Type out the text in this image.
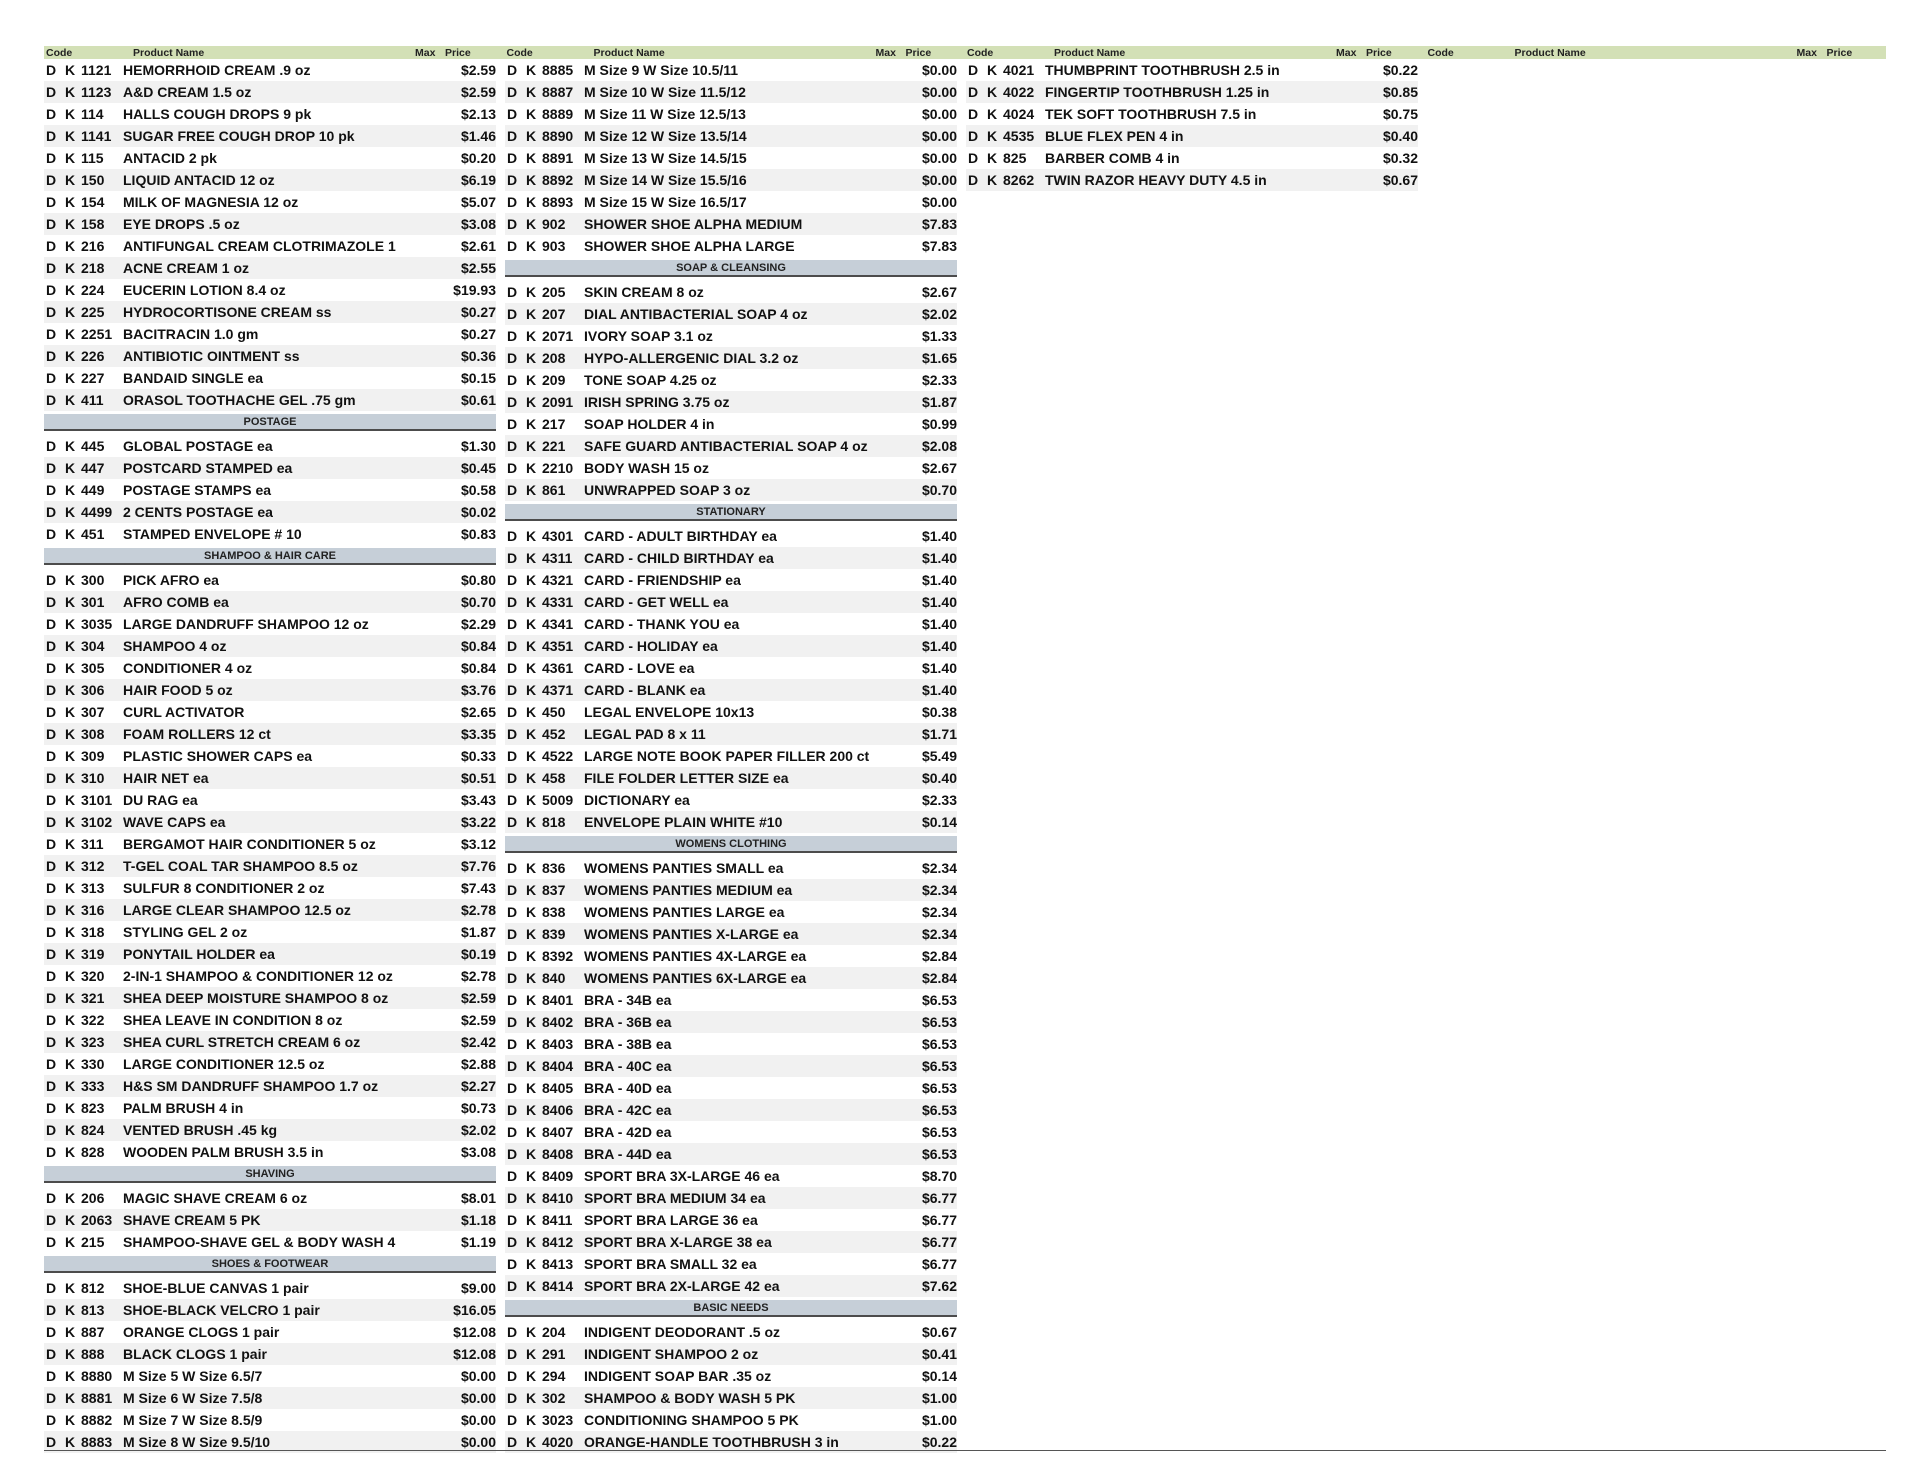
Code	Product Name	Max Price	Code	Product Name	Max Price	Code	Product Name	Max Price	Code	Product Name	Max Price
D K 1121 HEMORRHOID CREAM .9 oz	$2.59
D K 1123 A&D CREAM 1.5 oz	$2.59
D K 114	HALLS COUGH DROPS 9 pk	$2.13
D K 1141 SUGAR FREE COUGH DROP 10 pk	$1.46
D K 115	ANTACID 2 pk	$0.20
D K 150	LIQUID ANTACID 12 oz	$6.19
D K 154	MILK OF MAGNESIA 12 oz	$5.07
D K 158	EYE DROPS .5 oz	$3.08
D K 216	ANTIFUNGAL CREAM CLOTRIMAZOLE 1	$2.61
D K 218	ACNE CREAM 1 oz	$2.55
D K 224	EUCERIN LOTION 8.4 oz	$19.93
D K 225	HYDROCORTISONE CREAM ss	$0.27
D K 2251 BACITRACIN 1.0 gm	$0.27
D K 226	ANTIBIOTIC OINTMENT ss	$0.36
D K 227	BANDAID SINGLE ea	$0.15
D K 411	ORASOL TOOTHACHE GEL .75 gm	$0.61
POSTAGE
D K 445	GLOBAL POSTAGE ea	$1.30
D K 447	POSTCARD STAMPED ea	$0.45
D K 449	POSTAGE STAMPS ea	$0.58
D K 4499 2 CENTS POSTAGE ea	$0.02
D K 451	STAMPED ENVELOPE # 10	$0.83
SHAMPOO & HAIR CARE
D K 300	PICK AFRO ea	$0.80
D K 301	AFRO COMB ea	$0.70
D K 3035 LARGE DANDRUFF SHAMPOO 12 oz	$2.29
D K 304	SHAMPOO 4 oz	$0.84
D K 305	CONDITIONER 4 oz	$0.84
D K 306	HAIR FOOD 5 oz	$3.76
D K 307	CURL ACTIVATOR	$2.65
D K 308	FOAM ROLLERS 12 ct	$3.35
D K 309	PLASTIC SHOWER CAPS ea	$0.33
D K 310	HAIR NET ea	$0.51
D K 3101 DU RAG ea	$3.43
D K 3102 WAVE CAPS ea	$3.22
D K 311	BERGAMOT HAIR CONDITIONER 5 oz	$3.12
D K 312	T-GEL COAL TAR SHAMPOO 8.5 oz	$7.76
D K 313	SULFUR 8 CONDITIONER 2 oz	$7.43
D K 316	LARGE CLEAR SHAMPOO 12.5 oz	$2.78
D K 318	STYLING GEL 2 oz	$1.87
D K 319	PONYTAIL HOLDER ea	$0.19
D K 320	2-IN-1 SHAMPOO & CONDITIONER 12 oz	$2.78
D K 321	SHEA DEEP MOISTURE SHAMPOO 8 oz	$2.59
D K 322	SHEA LEAVE IN CONDITION 8 oz	$2.59
D K 323	SHEA CURL STRETCH CREAM 6 oz	$2.42
D K 330	LARGE CONDITIONER 12.5 oz	$2.88
D K 333	H&S SM DANDRUFF SHAMPOO 1.7 oz	$2.27
D K 823	PALM BRUSH 4 in	$0.73
D K 824	VENTED BRUSH .45 kg	$2.02
D K 828	WOODEN PALM BRUSH 3.5 in	$3.08
SHAVING
D K 206	MAGIC SHAVE CREAM 6 oz	$8.01
D K 2063 SHAVE CREAM 5 PK	$1.18
D K 215	SHAMPOO-SHAVE GEL & BODY WASH 4	$1.19
SHOES & FOOTWEAR
D K 812	SHOE-BLUE CANVAS 1 pair	$9.00
D K 813	SHOE-BLACK VELCRO 1 pair	$16.05
D K 887	ORANGE CLOGS 1 pair	$12.08
D K 888	BLACK CLOGS 1 pair	$12.08
D K 8880 M Size 5 W Size 6.5/7	$0.00
D K 8881 M Size 6 W Size 7.5/8	$0.00
D K 8882 M Size 7 W Size 8.5/9	$0.00
D K 8883 M Size 8 W Size 9.5/10	$0.00
D K 8885 M Size 9 W Size 10.5/11	$0.00
D K 8887 M Size 10 W Size 11.5/12	$0.00
D K 8889 M Size 11 W Size 12.5/13	$0.00
D K 8890 M Size 12 W Size 13.5/14	$0.00
D K 8891 M Size 13 W Size 14.5/15	$0.00
D K 8892 M Size 14 W Size 15.5/16	$0.00
D K 8893 M Size 15 W Size 16.5/17	$0.00
D K 902	SHOWER SHOE ALPHA MEDIUM	$7.83
D K 903	SHOWER SHOE ALPHA LARGE	$7.83
SOAP & CLEANSING
D K 205	SKIN CREAM 8 oz	$2.67
D K 207	DIAL ANTIBACTERIAL SOAP 4 oz	$2.02
D K 2071 IVORY SOAP 3.1 oz	$1.33
D K 208	HYPO-ALLERGENIC DIAL 3.2 oz	$1.65
D K 209	TONE SOAP 4.25 oz	$2.33
D K 2091 IRISH SPRING 3.75 oz	$1.87
D K 217	SOAP HOLDER 4 in	$0.99
D K 221	SAFE GUARD ANTIBACTERIAL SOAP 4 oz	$2.08
D K 2210 BODY WASH 15 oz	$2.67
D K 861	UNWRAPPED SOAP 3 oz	$0.70
STATIONARY
D K 4301 CARD - ADULT BIRTHDAY ea	$1.40
D K 4311 CARD - CHILD BIRTHDAY ea	$1.40
D K 4321 CARD - FRIENDSHIP ea	$1.40
D K 4331 CARD - GET WELL ea	$1.40
D K 4341 CARD - THANK YOU ea	$1.40
D K 4351 CARD - HOLIDAY ea	$1.40
D K 4361 CARD - LOVE ea	$1.40
D K 4371 CARD - BLANK ea	$1.40
D K 450	LEGAL ENVELOPE 10x13	$0.38
D K 452	LEGAL PAD 8 x 11	$1.71
D K 4522 LARGE NOTE BOOK PAPER FILLER 200 ct	$5.49
D K 458	FILE FOLDER LETTER SIZE ea	$0.40
D K 5009 DICTIONARY ea	$2.33
D K 818	ENVELOPE PLAIN WHITE #10	$0.14
WOMENS CLOTHING
D K 836	WOMENS PANTIES SMALL ea	$2.34
D K 837	WOMENS PANTIES MEDIUM ea	$2.34
D K 838	WOMENS PANTIES LARGE ea	$2.34
D K 839	WOMENS PANTIES X-LARGE ea	$2.34
D K 8392 WOMENS PANTIES 4X-LARGE ea	$2.84
D K 840	WOMENS PANTIES 6X-LARGE ea	$2.84
D K 8401 BRA - 34B ea	$6.53
D K 8402 BRA - 36B ea	$6.53
D K 8403 BRA - 38B ea	$6.53
D K 8404 BRA - 40C ea	$6.53
D K 8405 BRA - 40D ea	$6.53
D K 8406 BRA - 42C ea	$6.53
D K 8407 BRA - 42D ea	$6.53
D K 8408 BRA - 44D ea	$6.53
D K 8409 SPORT BRA 3X-LARGE 46 ea	$8.70
D K 8410 SPORT BRA MEDIUM 34 ea	$6.77
D K 8411 SPORT BRA LARGE 36 ea	$6.77
D K 8412 SPORT BRA X-LARGE 38 ea	$6.77
D K 8413 SPORT BRA SMALL 32 ea	$6.77
D K 8414 SPORT BRA 2X-LARGE 42 ea	$7.62
BASIC NEEDS
D K 204	INDIGENT DEODORANT .5 oz	$0.67
D K 291	INDIGENT SHAMPOO 2 oz	$0.41
D K 294	INDIGENT SOAP BAR .35 oz	$0.14
D K 302	SHAMPOO & BODY WASH 5 PK	$1.00
D K 3023 CONDITIONING SHAMPOO 5 PK	$1.00
D K 4020 ORANGE-HANDLE TOOTHBRUSH 3 in	$0.22
D K 4021 THUMBPRINT TOOTHBRUSH 2.5 in	$0.22
D K 4022 FINGERTIP TOOTHBRUSH 1.25 in	$0.85
D K 4024 TEK SOFT TOOTHBRUSH 7.5 in	$0.75
D K 4535 BLUE FLEX PEN 4 in	$0.40
D K 825	BARBER COMB 4 in	$0.32
D K 8262 TWIN RAZOR HEAVY DUTY 4.5 in	$0.67
